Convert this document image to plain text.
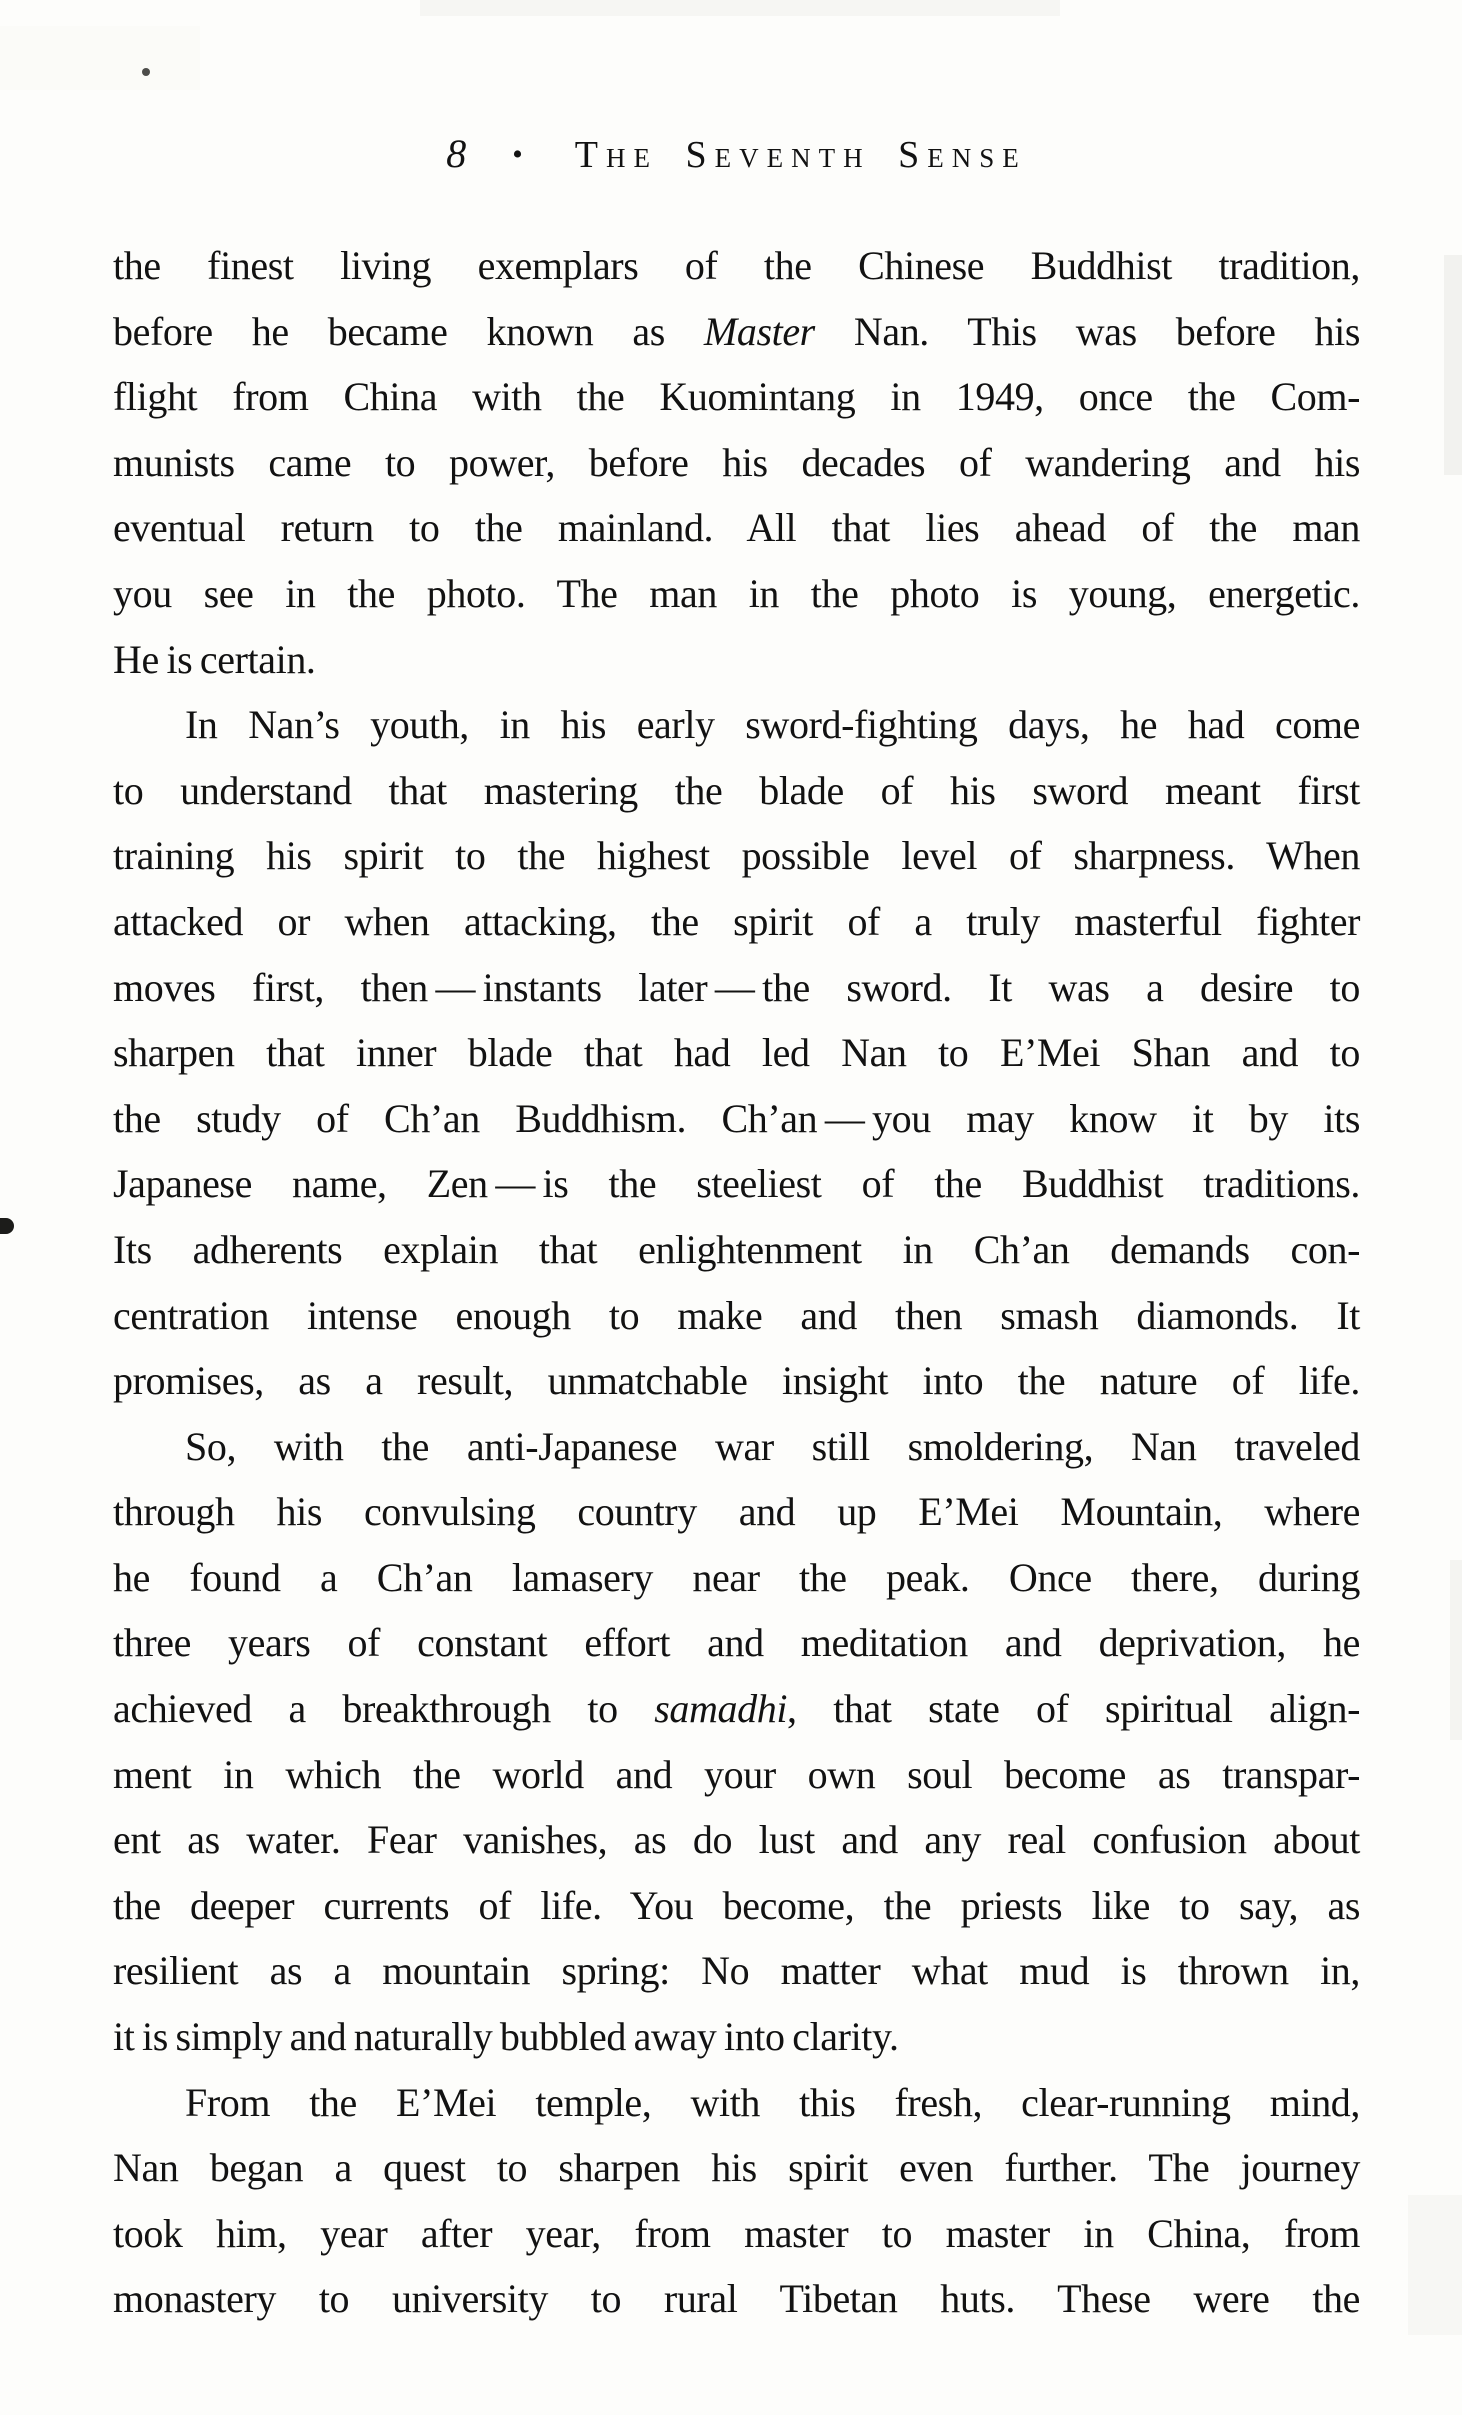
8 • The Seventh Sense
the finest living exemplars of the Chinese Buddhist tradition,
before he became known as Master Nan. This was before his
flight from China with the Kuomintang in 1949, once the Com-
munists came to power, before his decades of wandering and his
eventual return to the mainland. All that lies ahead of the man
you see in the photo. The man in the photo is young, energetic.
He is certain.
In Nan’s youth, in his early sword-fighting days, he had come
to understand that mastering the blade of his sword meant first
training his spirit to the highest possible level of sharpness. When
attacked or when attacking, the spirit of a truly masterful fighter
moves first, then — instants later — the sword. It was a desire to
sharpen that inner blade that had led Nan to E’Mei Shan and to
the study of Ch’an Buddhism. Ch’an — you may know it by its
Japanese name, Zen — is the steeliest of the Buddhist traditions.
Its adherents explain that enlightenment in Ch’an demands con-
centration intense enough to make and then smash diamonds. It
promises, as a result, unmatchable insight into the nature of life.
So, with the anti-Japanese war still smoldering, Nan traveled
through his convulsing country and up E’Mei Mountain, where
he found a Ch’an lamasery near the peak. Once there, during
three years of constant effort and meditation and deprivation, he
achieved a breakthrough to samadhi, that state of spiritual align-
ment in which the world and your own soul become as transpar-
ent as water. Fear vanishes, as do lust and any real confusion about
the deeper currents of life. You become, the priests like to say, as
resilient as a mountain spring: No matter what mud is thrown in,
it is simply and naturally bubbled away into clarity.
From the E’Mei temple, with this fresh, clear-running mind,
Nan began a quest to sharpen his spirit even further. The journey
took him, year after year, from master to master in China, from
monastery to university to rural Tibetan huts. These were the
